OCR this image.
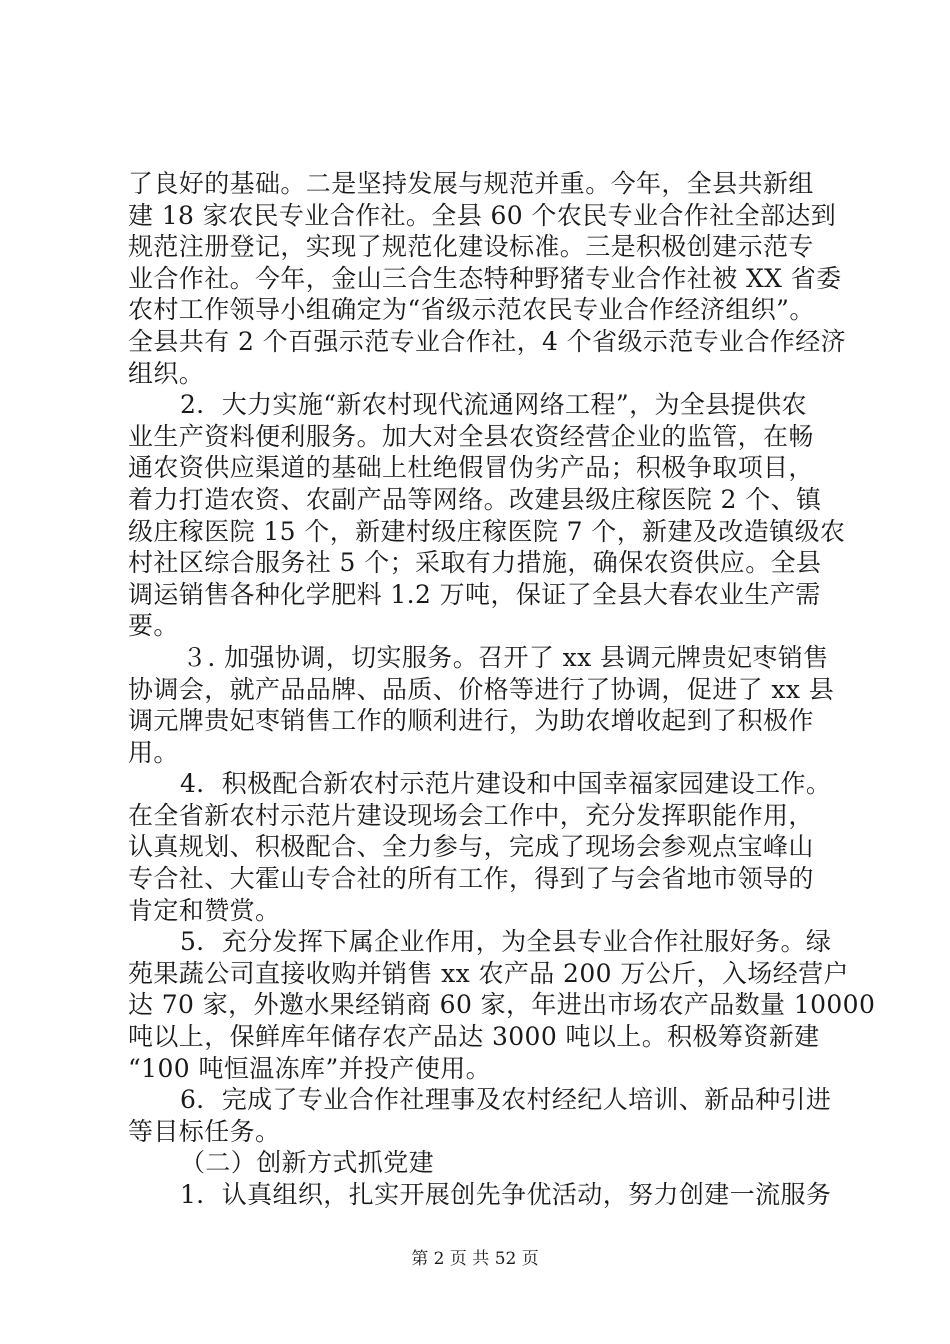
了良好的基础。二是坚持发展与规范并重。今年，全县共新组
建 18 家农民专业合作社。全县 60 个农民专业合作社全部达到
规范注册登记，实现了规范化建设标准。三是积极创建示范专
业合作社。今年，金山三合生态特种野猪专业合作社被 XX 省委
农村工作领导小组确定为“省级示范农民专业合作经济组织”。
全县共有 2 个百强示范专业合作社，4 个省级示范专业合作经济
组织。
2．大力实施“新农村现代流通网络工程”，为全县提供农
业生产资料便利服务。加大对全县农资经营企业的监管，在畅
通农资供应渠道的基础上杜绝假冒伪劣产品；积极争取项目，
着力打造农资、农副产品等网络。改建县级庄稼医院 2 个、镇
级庄稼医院 15 个，新建村级庄稼医院 7 个，新建及改造镇级农
村社区综合服务社 5 个；采取有力措施，确保农资供应。全县
调运销售各种化学肥料 1.2 万吨，保证了全县大春农业生产需
要。
３. 加强协调，切实服务。召开了 xx 县调元牌贵妃枣销售
协调会，就产品品牌、品质、价格等进行了协调，促进了 xx 县
调元牌贵妃枣销售工作的顺利进行，为助农增收起到了积极作
用。
4．积极配合新农村示范片建设和中国幸福家园建设工作。
在全省新农村示范片建设现场会工作中，充分发挥职能作用，
认真规划、积极配合、全力参与，完成了现场会参观点宝峰山
专合社、大霍山专合社的所有工作，得到了与会省地市领导的
肯定和赞赏。
5．充分发挥下属企业作用，为全县专业合作社服好务。绿
苑果蔬公司直接收购并销售 xx 农产品 200 万公斤，入场经营户
达 70 家，外邀水果经销商 60 家，年进出市场农产品数量 10000
吨以上，保鲜库年储存农产品达 3000 吨以上。积极筹资新建
“100 吨恒温冻库”并投产使用。
6．完成了专业合作社理事及农村经纪人培训、新品种引进
等目标任务。
（二）创新方式抓党建
1．认真组织，扎实开展创先争优活动，努力创建一流服务
第 2 页 共 52 页
